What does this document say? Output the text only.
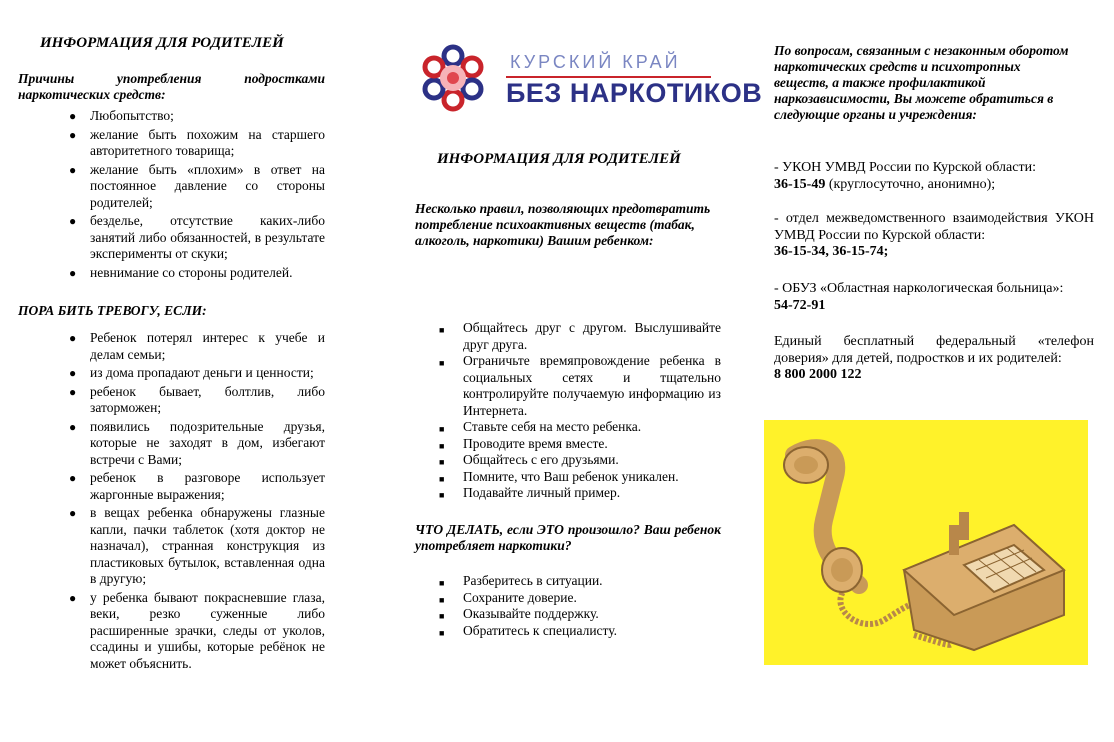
ИНФОРМАЦИЯ ДЛЯ РОДИТЕЛЕЙ

Причины употребления подростками наркотических средств:

● Любопытство;
● желание быть похожим на старшего авторитетного товарища;
● желание быть «плохим» в ответ на постоянное давление со стороны родителей;
● безделье, отсутствие каких-либо занятий либо обязанностей, в результате эксперименты от скуки;
● невнимание со стороны родителей.

ПОРА БИТЬ ТРЕВОГУ, ЕСЛИ:

● Ребенок потерял интерес к учебе и делам семьи;
● из дома пропадают деньги и ценности;
● ребенок бывает, болтлив, либо заторможен;
● появились подозрительные друзья, которые не заходят в дом, избегают встречи с Вами;
● ребенок в разговоре использует жаргонные выражения;
● в вещах ребенка обнаружены глазные капли, пачки таблеток (хотя доктор не назначал), странная конструкция из пластиковых бутылок, вставленная одна в другую;
● у ребенка бывают покрасневшие глаза, веки, резко суженные либо расширенные зрачки, следы от уколов, ссадины и ушибы, которые ребёнок не может объяснить.
КУРСКИЙ КРАЙ
БЕЗ НАРКОТИКОВ

ИНФОРМАЦИЯ ДЛЯ РОДИТЕЛЕЙ

Несколько правил, позволяющих предотвратить потребление психоактивных веществ (табак, алкоголь, наркотики) Вашим ребенком:

■ Общайтесь друг с другом. Выслушивайте друг друга.
■ Ограничьте времяпровождение ребенка в социальных сетях и тщательно контролируйте получаемую информацию из Интернета.
■ Ставьте себя на место ребенка.
■ Проводите время вместе.
■ Общайтесь с его друзьями.
■ Помните, что Ваш ребенок уникален.
■ Подавайте личный пример.

ЧТО ДЕЛАТЬ, если ЭТО произошло? Ваш ребенок употребляет наркотики?

■ Разберитесь в ситуации.
■ Сохраните доверие.
■ Оказывайте поддержку.
■ Обратитесь к специалисту.

По вопросам, связанным с незаконным оборотом наркотических средств и психотропных веществ, а также профилактикой наркозависимости, Вы можете обратиться в следующие органы и учреждения:

- УКОН УМВД России по Курской области:
36-15-49 (круглосуточно, анонимно);

- отдел межведомственного взаимодействия УКОН УМВД России по Курской области:
36-15-34, 36-15-74;

- ОБУЗ «Областная наркологическая больница»:
54-72-91

Единый бесплатный федеральный «телефон доверия» для детей, подростков и их родителей:
8 800 2000 122
